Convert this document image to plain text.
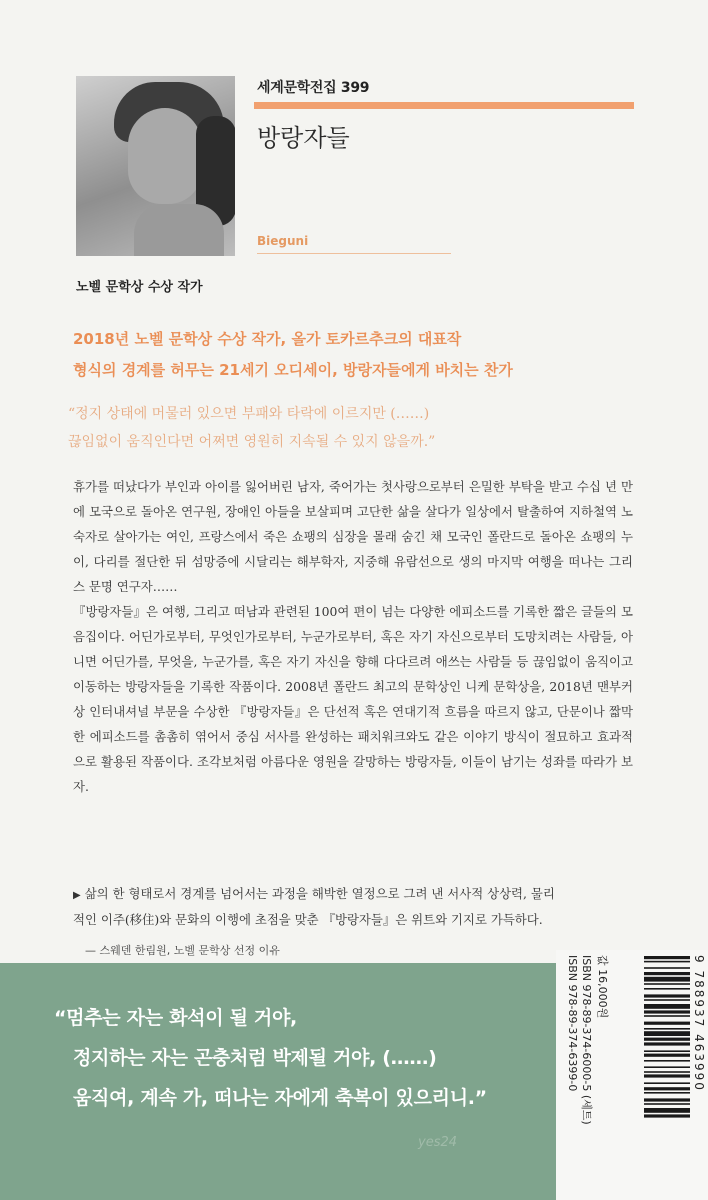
노벨 문학상 수상 작가
세계문학전집 399
방랑자들
Bieguni
2018년 노벨 문학상 수상 작가, 올가 토카르추크의 대표작
형식의 경계를 허무는 21세기 오디세이, 방랑자들에게 바치는 찬가
“정지 상태에 머물러 있으면 부패와 타락에 이르지만 (……)
끊임없이 움직인다면 어쩌면 영원히 지속될 수 있지 않을까.”

휴가를 떠났다가 부인과 아이를 잃어버린 남자, 죽어가는 첫사랑으로부터 은밀한 부탁을 받고 수십 년 만에 모국으로 돌아온 연구원, 장애인 아들을 보살피며 고단한 삶을 살다가 일상에서 탈출하여 지하철역 노숙자로 살아가는 여인, 프랑스에서 죽은 쇼팽의 심장을 몰래 숨긴 채 모국인 폴란드로 돌아온 쇼팽의 누이, 다리를 절단한 뒤 섬망증에 시달리는 해부학자, 지중해 유람선으로 생의 마지막 여행을 떠나는 그리스 문명 연구자……

『방랑자들』은 여행, 그리고 떠남과 관련된 100여 편이 넘는 다양한 에피소드를 기록한 짧은 글들의 모음집이다. 어딘가로부터, 무엇인가로부터, 누군가로부터, 혹은 자기 자신으로부터 도망치려는 사람들, 아니면 어딘가를, 무엇을, 누군가를, 혹은 자기 자신을 향해 다다르려 애쓰는 사람들 등 끊임없이 움직이고 이동하는 방랑자들을 기록한 작품이다. 2008년 폴란드 최고의 문학상인 니케 문학상을, 2018년 맨부커 상 인터내셔널 부문을 수상한 『방랑자들』은 단선적 혹은 연대기적 흐름을 따르지 않고, 단문이나 짧막한 에피소드를 촘촘히 엮어서 중심 서사를 완성하는 패치워크와도 같은 이야기 방식이 절묘하고 효과적으로 활용된 작품이다. 조각보처럼 아름다운 영원을 갈망하는 방랑자들, 이들이 남기는 성좌를 따라가 보자.

▶ 삶의 한 형태로서 경계를 넘어서는 과정을 해박한 열정으로 그려 낸 서사적 상상력, 물리

적인 이주(移住)와 문화의 이행에 초점을 맞춘 『방랑자들』은 위트와 기지로 가득하다.

— 스웨덴 한림원, 노벨 문학상 선정 이유
“멈추는 자는 화석이 될 거야,
정지하는 자는 곤충처럼 박제될 거야, (……)
움직여, 계속 가, 떠나는 자에게 축복이 있으리니.”
yes24
ISBN 978-89-374-6399-0 ISBN 978-89-374-6000-5 (세트) 값 16,000원	9 788937 463990
